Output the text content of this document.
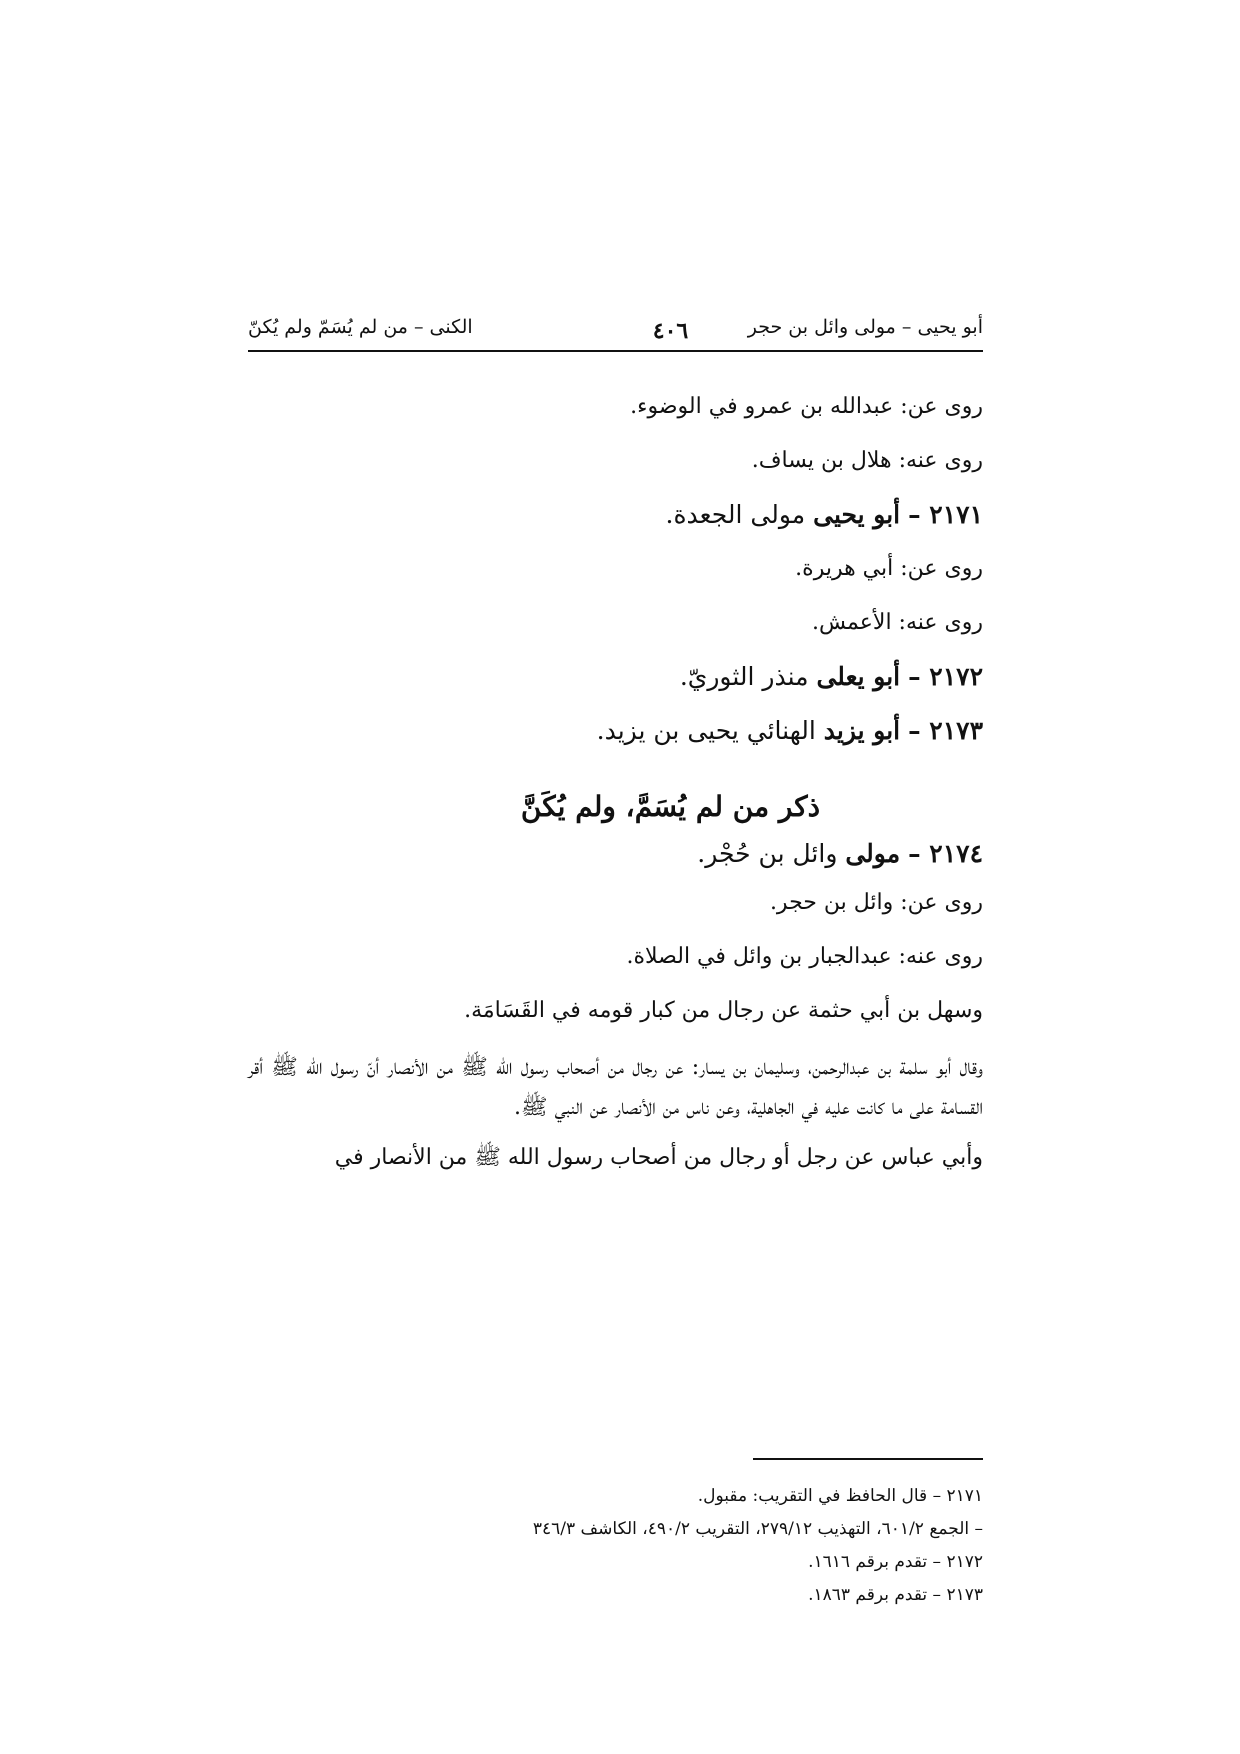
أبو يحيى – مولى وائل بن حجر
٤٠٦
الكنى – من لم يُسَمّ ولم يُكنّ
روى عن: عبدالله بن عمرو في الوضوء.
روى عنه: هلال بن يساف.
٢١٧١ – أبو يحيى مولى الجعدة.
روى عن: أبي هريرة.
روى عنه: الأعمش.
٢١٧٢ – أبو يعلى منذر الثوريّ.
٢١٧٣ – أبو يزيد الهنائي يحيى بن يزيد.
ذكر من لم يُسَمَّ، ولم يُكَنَّ
٢١٧٤ – مولى وائل بن حُجْر.
روى عن: وائل بن حجر.
روى عنه: عبدالجبار بن وائل في الصلاة.
وسهل بن أبي حثمة عن رجال من كبار قومه في القَسَامَة.
وقال أبو سلمة بن عبدالرحمن، وسليمان بن يسار: عن رجال من أصحاب رسول الله ﷺ من الأنصار أنّ رسول الله ﷺ أقر القسامة على ما كانت عليه في الجاهلية، وعن ناس من الأنصار عن النبي ﷺ.
وأبي عباس عن رجل أو رجال من أصحاب رسول الله ﷺ من الأنصار في
٢١٧١ – قال الحافظ في التقريب: مقبول.
– الجمع ٦٠١/٢، التهذيب ٢٧٩/١٢، التقريب ٤٩٠/٢، الكاشف ٣٤٦/٣
٢١٧٢ – تقدم برقم ١٦١٦.
٢١٧٣ – تقدم برقم ١٨٦٣.
